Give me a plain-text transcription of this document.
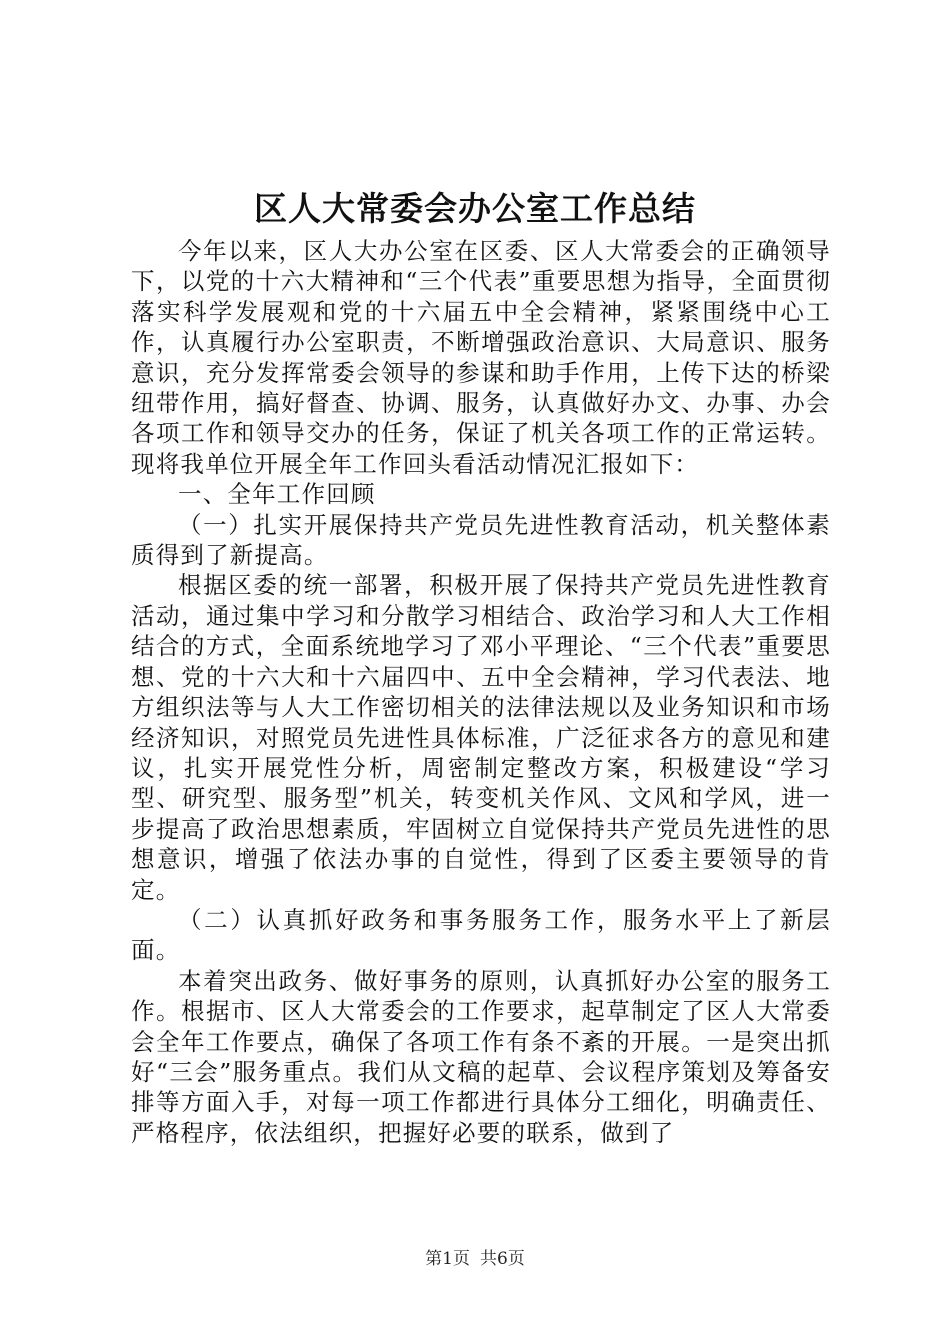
区人大常委会办公室工作总结

今年以来，区人大办公室在区委、区人大常委会的正确领导下，以党的十六大精神和“三个代表”重要思想为指导，全面贯彻落实科学发展观和党的十六届五中全会精神，紧紧围绕中心工作，认真履行办公室职责，不断增强政治意识、大局意识、服务意识，充分发挥常委会领导的参谋和助手作用，上传下达的桥梁纽带作用，搞好督查、协调、服务，认真做好办文、办事、办会各项工作和领导交办的任务，保证了机关各项工作的正常运转。现将我单位开展全年工作回头看活动情况汇报如下：

一、全年工作回顾

（一）扎实开展保持共产党员先进性教育活动，机关整体素质得到了新提高。

根据区委的统一部署，积极开展了保持共产党员先进性教育活动，通过集中学习和分散学习相结合、政治学习和人大工作相结合的方式，全面系统地学习了邓小平理论、“三个代表”重要思想、党的十六大和十六届四中、五中全会精神，学习代表法、地方组织法等与人大工作密切相关的法律法规以及业务知识和市场经济知识，对照党员先进性具体标准，广泛征求各方的意见和建议，扎实开展党性分析，周密制定整改方案，积极建设“学习型、研究型、服务型”机关，转变机关作风、文风和学风，进一步提高了政治思想素质，牢固树立自觉保持共产党员先进性的思想意识，增强了依法办事的自觉性，得到了区委主要领导的肯定。

（二）认真抓好政务和事务服务工作，服务水平上了新层面。

本着突出政务、做好事务的原则，认真抓好办公室的服务工作。根据市、区人大常委会的工作要求，起草制定了区人大常委会全年工作要点，确保了各项工作有条不紊的开展。一是突出抓好“三会”服务重点。我们从文稿的起草、会议程序策划及筹备安排等方面入手，对每一项工作都进行具体分工细化，明确责任、严格程序，依法组织，把握好必要的联系，做到了

第1页 共6页
